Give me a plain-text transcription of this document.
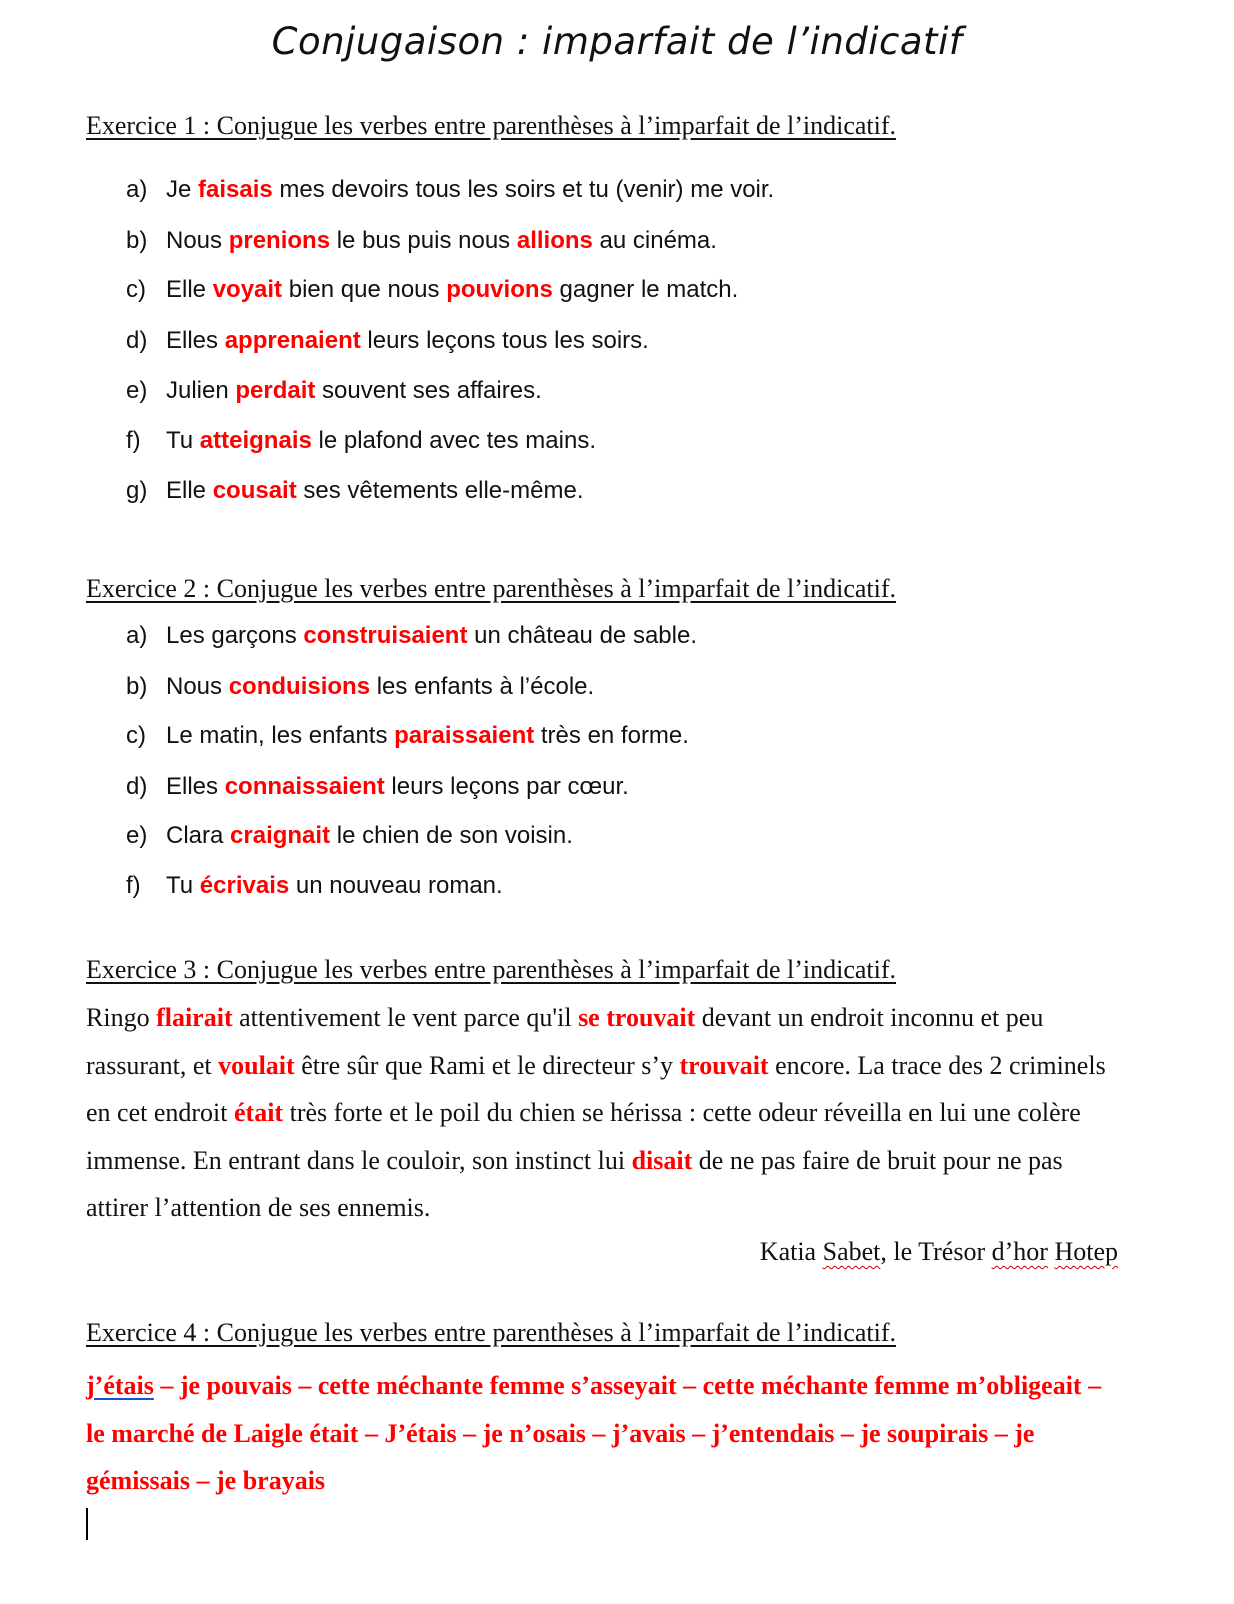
Conjugaison : imparfait de l’indicatif
Exercice 1 : Conjugue les verbes entre parenthèses à l’imparfait de l’indicatif.
a) Je faisais mes devoirs tous les soirs et tu (venir) me voir.
b) Nous prenions le bus puis nous allions au cinéma.
c) Elle voyait bien que nous pouvions gagner le match.
d) Elles apprenaient leurs leçons tous les soirs.
e) Julien perdait souvent ses affaires.
f) Tu atteignais le plafond avec tes mains.
g) Elle cousait ses vêtements elle-même.
Exercice 2 : Conjugue les verbes entre parenthèses à l’imparfait de l’indicatif.
a) Les garçons construisaient un château de sable.
b) Nous conduisions les enfants à l’école.
c) Le matin, les enfants paraissaient très en forme.
d) Elles connaissaient leurs leçons par cœur.
e) Clara craignait le chien de son voisin.
f) Tu écrivais un nouveau roman.
Exercice 3 : Conjugue les verbes entre parenthèses à l’imparfait de l’indicatif.
Ringo flairait attentivement le vent parce qu'il se trouvait devant un endroit inconnu et peu rassurant, et voulait être sûr que Rami et le directeur s’y trouvait encore. La trace des 2 criminels en cet endroit était très forte et le poil du chien se hérissa : cette odeur réveilla en lui une colère immense. En entrant dans le couloir, son instinct lui disait de ne pas faire de bruit pour ne pas attirer l’attention de ses ennemis.
Katia Sabet, le Trésor d’hor Hotep
Exercice 4 : Conjugue les verbes entre parenthèses à l’imparfait de l’indicatif.
j’étais – je pouvais – cette méchante femme s’asseyait – cette méchante femme m’obligeait – le marché de Laigle était – J’étais – je n’osais – j’avais – j’entendais – je soupirais – je gémissais – je brayais
